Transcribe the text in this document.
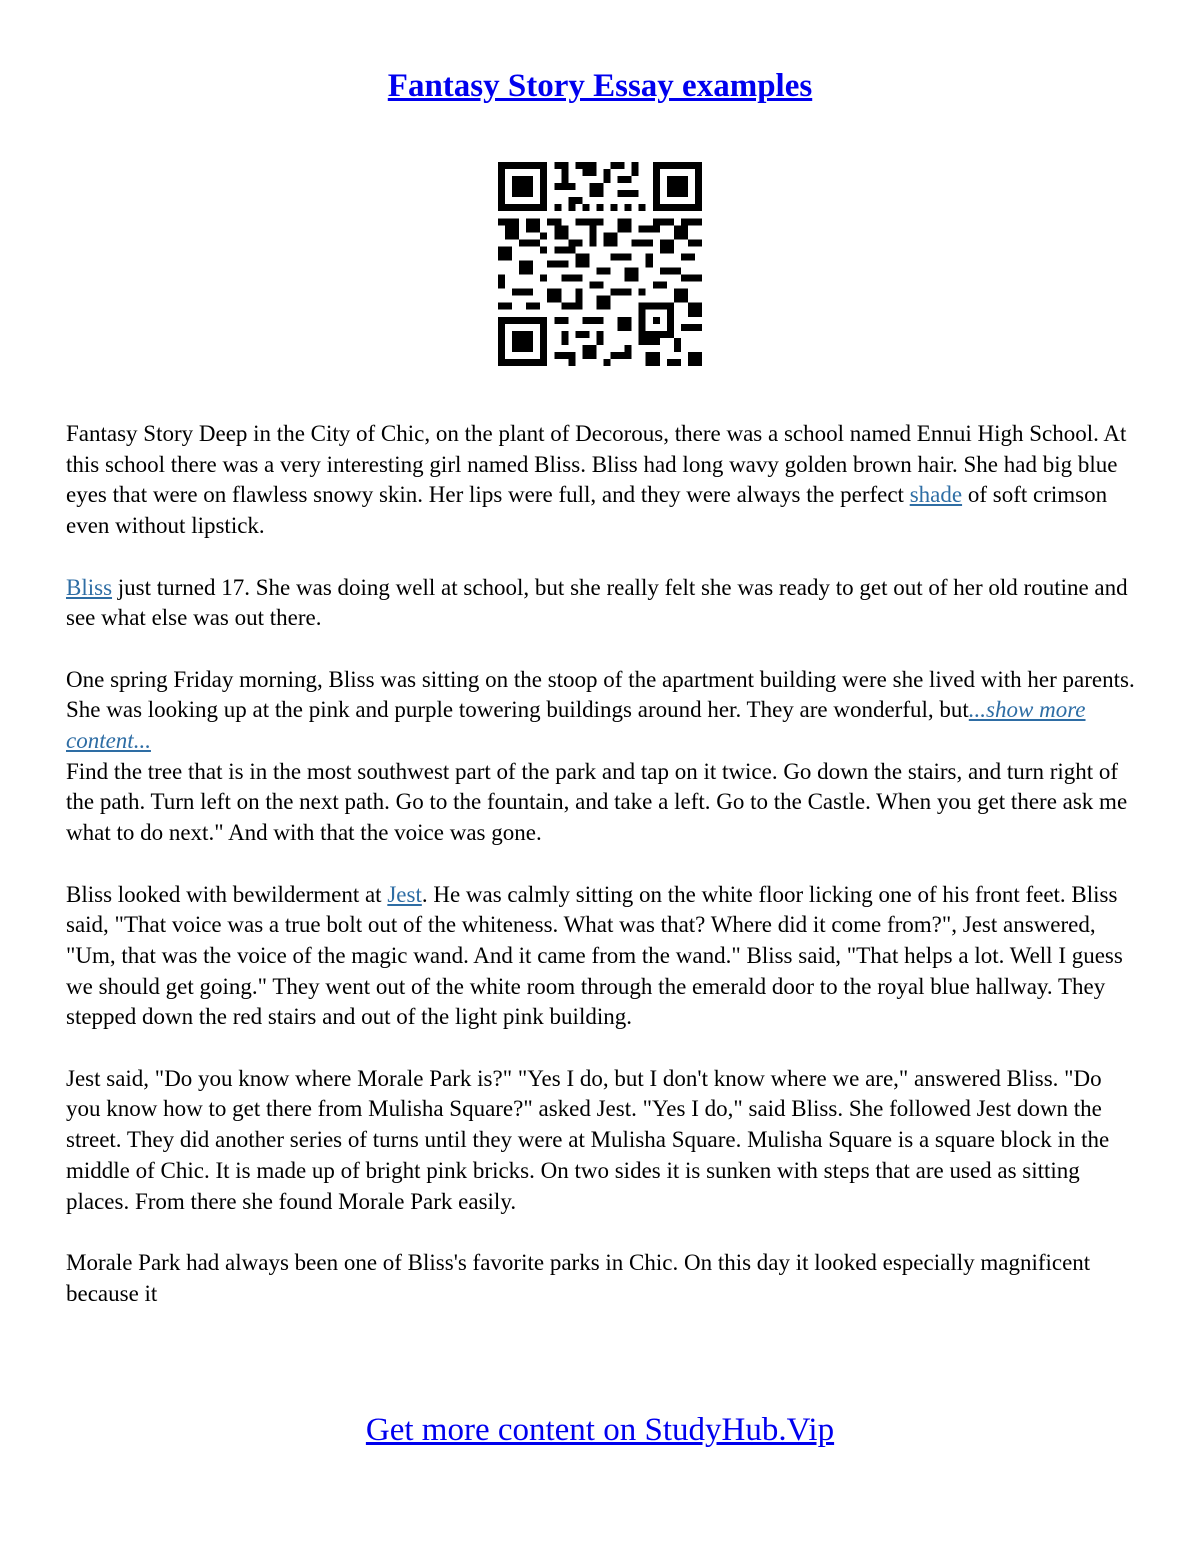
Fantasy Story Essay examples

Fantasy Story Deep in the City of Chic, on the plant of Decorous, there was a school named Ennui High School. At this school there was a very interesting girl named Bliss. Bliss had long wavy golden brown hair. She had big blue eyes that were on flawless snowy skin. Her lips were full, and they were always the perfect shade of soft crimson even without lipstick.

Bliss just turned 17. She was doing well at school, but she really felt she was ready to get out of her old routine and see what else was out there.

One spring Friday morning, Bliss was sitting on the stoop of the apartment building were she lived with her parents. She was looking up at the pink and purple towering buildings around her. They are wonderful, but...show more content...

Find the tree that is in the most southwest part of the park and tap on it twice. Go down the stairs, and turn right of the path. Turn left on the next path. Go to the fountain, and take a left. Go to the Castle. When you get there ask me what to do next." And with that the voice was gone.

Bliss looked with bewilderment at Jest. He was calmly sitting on the white floor licking one of his front feet. Bliss said, "That voice was a true bolt out of the whiteness. What was that? Where did it come from?", Jest answered, "Um, that was the voice of the magic wand. And it came from the wand." Bliss said, "That helps a lot. Well I guess we should get going." They went out of the white room through the emerald door to the royal blue hallway. They stepped down the red stairs and out of the light pink building.

Jest said, "Do you know where Morale Park is?" "Yes I do, but I don't know where we are," answered Bliss. "Do you know how to get there from Mulisha Square?" asked Jest. "Yes I do," said Bliss. She followed Jest down the street. They did another series of turns until they were at Mulisha Square. Mulisha Square is a square block in the middle of Chic. It is made up of bright pink bricks. On two sides it is sunken with steps that are used as sitting places. From there she found Morale Park easily.

Morale Park had always been one of Bliss's favorite parks in Chic. On this day it looked especially magnificent because it

Get more content on StudyHub.Vip
